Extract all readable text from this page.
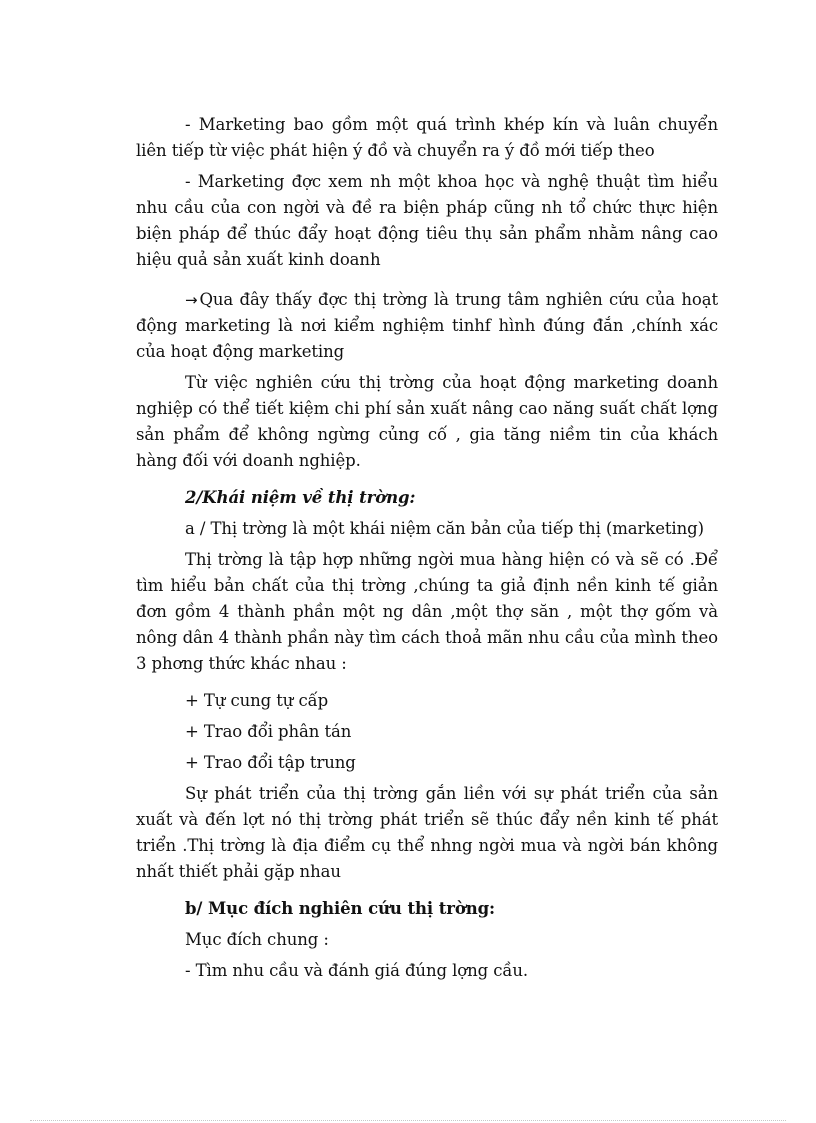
- Marketing bao gồm một quá trình khép kín và luân chuyển liên tiếp từ việc phát hiện ý đồ và chuyển ra ý đồ mới tiếp theo

- Marketing đợc xem nh một khoa học và nghệ thuật tìm hiểu nhu cầu của con ngời và đề ra biện pháp cũng nh tổ chức thực hiện biện pháp để thúc đẩy hoạt động tiêu thụ sản phẩm nhằm nâng cao hiệu quả sản xuất kinh doanh

→ Qua đây thấy đợc thị trờng là trung tâm nghiên cứu của hoạt động marketing là nơi kiểm nghiệm tinhf hình đúng đắn ,chính xác của hoạt động marketing

Từ việc nghiên cứu thị trờng của hoạt động marketing doanh nghiệp có thể tiết kiệm chi phí sản xuất nâng cao năng suất chất lợng sản phẩm để không ngừng củng cố , gia tăng niềm tin của khách hàng đối với doanh nghiệp.

2/Khái niệm về thị trờng:

a / Thị trờng là một khái niệm căn bản của tiếp thị (marketing)

Thị trờng là tập hợp những ngời mua hàng hiện có và sẽ có .Để tìm hiểu bản chất của thị trờng ,chúng ta giả định nền kinh tế giản đơn gồm 4 thành phần một ng dân ,một thợ săn , một thợ gốm và nông dân 4 thành phần này tìm cách thoả mãn nhu cầu của mình theo 3 phơng thức khác nhau :

+ Tự cung tự cấp

+ Trao đổi phân tán

+ Trao đổi tập trung

Sự phát triển của thị trờng gắn liền với sự phát triển của sản xuất và đến lợt nó thị trờng phát triển sẽ thúc đẩy nền kinh tế phát triển .Thị trờng là địa điểm cụ thể nhng ngời mua và ngời bán không nhất thiết phải gặp nhau

b/ Mục đích nghiên cứu thị trờng:

Mục đích chung :

- Tìm nhu cầu và đánh giá đúng lợng cầu.
